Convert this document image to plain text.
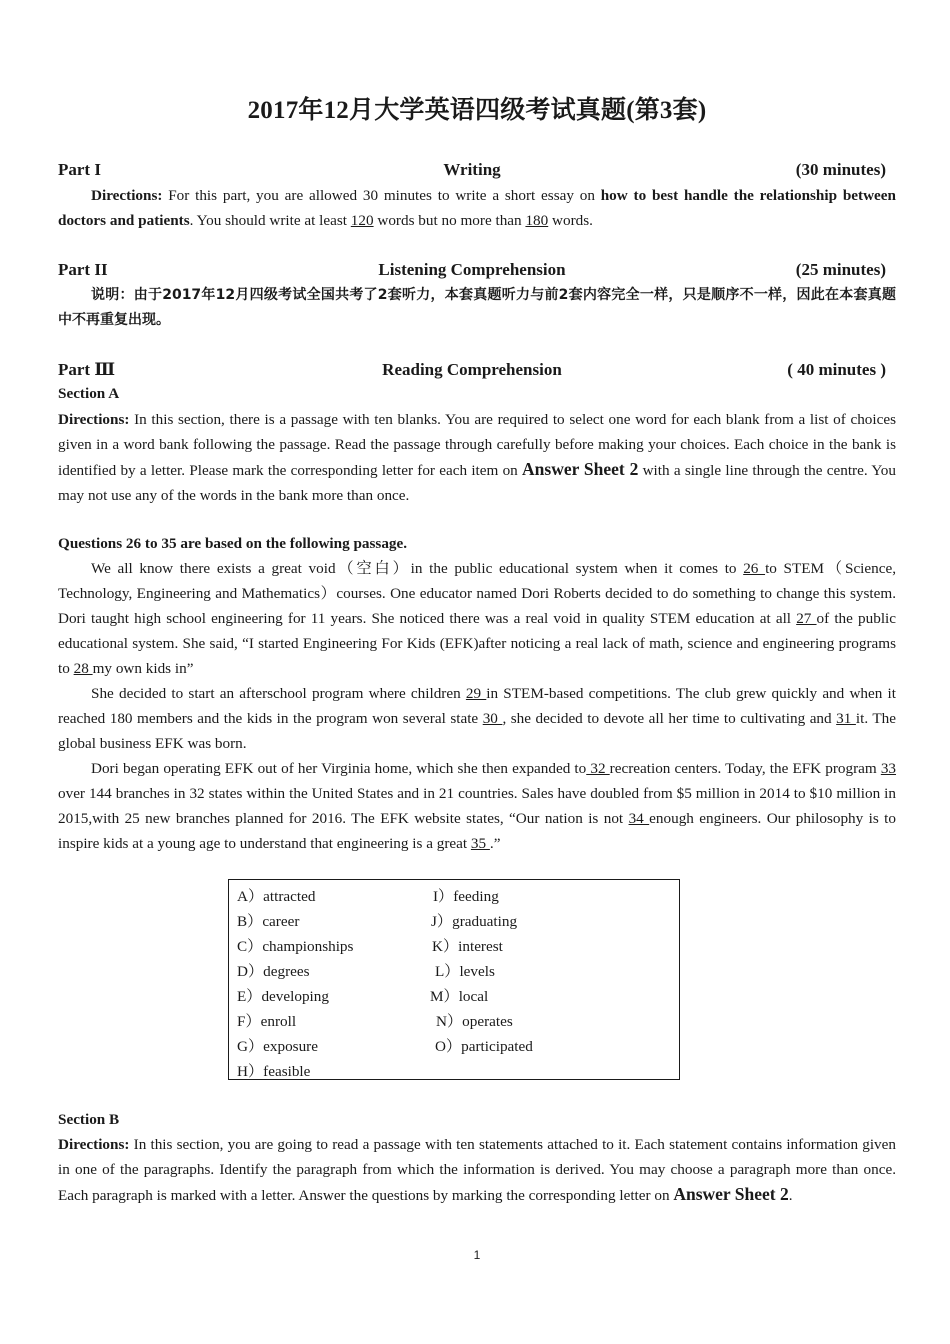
2017年12月大学英语四级考试真题(第3套)
Part I	Writing	(30 minutes)
Directions: For this part, you are allowed 30 minutes to write a short essay on how to best handle the relationship between doctors and patients. You should write at least 120 words but no more than 180 words.
Part II	Listening Comprehension	(25 minutes)
说明：由于2017年12月四级考试全国共考了2套听力，本套真题听力与前2套内容完全一样，只是顺序不一样，因此在本套真题中不再重复出现。
Part Ⅲ	Reading Comprehension	( 40 minutes )
Section A
Directions: In this section, there is a passage with ten blanks. You are required to select one word for each blank from a list of choices given in a word bank following the passage. Read the passage through carefully before making your choices. Each choice in the bank is identified by a letter. Please mark the corresponding letter for each item on Answer Sheet 2 with a single line through the centre. You may not use any of the words in the bank more than once.
Questions 26 to 35 are based on the following passage.
We all know there exists a great void（空白）in the public educational system when it comes to 26 to STEM（Science, Technology, Engineering and Mathematics）courses. One educator named Dori Roberts decided to do something to change this system. Dori taught high school engineering for 11 years. She noticed there was a real void in quality STEM education at all 27 of the public educational system. She said, “I started Engineering For Kids (EFK)after noticing a real lack of math, science and engineering programs to 28 my own kids in”
She decided to start an afterschool program where children 29 in STEM-based competitions. The club grew quickly and when it reached 180 members and the kids in the program won several state 30 , she decided to devote all her time to cultivating and 31 it. The global business EFK was born.
Dori began operating EFK out of her Virginia home, which she then expanded to 32 recreation centers. Today, the EFK program 33 over 144 branches in 32 states within the United States and in 21 countries. Sales have doubled from $5 million in 2014 to $10 million in 2015,with 25 new branches planned for 2016. The EFK website states, “Our nation is not 34 enough engineers. Our philosophy is to inspire kids at a young age to understand that engineering is a great 35 .”
A）attracted
B）career
C）championships
D）degrees
E）developing
F）enroll
G）exposure
H）feasible
I）feeding
J）graduating
K）interest
L）levels
M）local
N）operates
O）participated
Section B
Directions: In this section, you are going to read a passage with ten statements attached to it. Each statement contains information given in one of the paragraphs. Identify the paragraph from which the information is derived. You may choose a paragraph more than once. Each paragraph is marked with a letter. Answer the questions by marking the corresponding letter on Answer Sheet 2.
1
